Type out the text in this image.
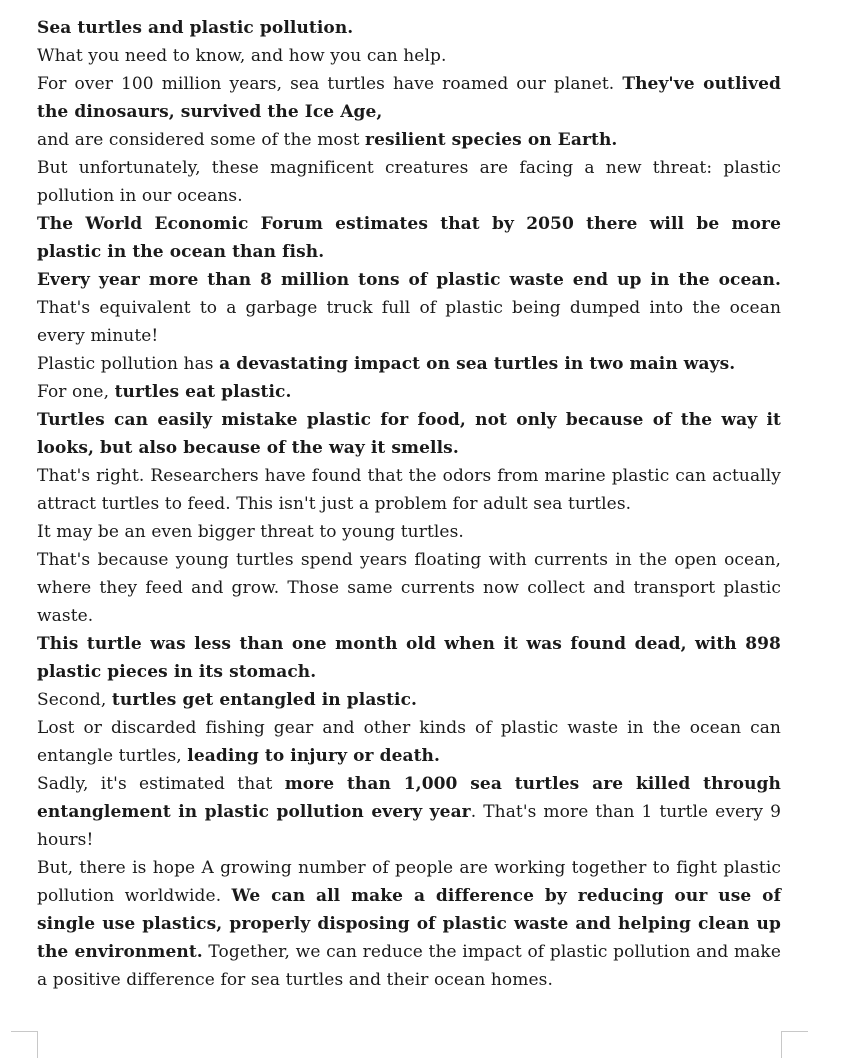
Sea turtles and plastic pollution.

What you need to know, and how you can help.

For over 100 million years, sea turtles have roamed our planet. They've outlived the dinosaurs, survived the Ice Age,

and are considered some of the most resilient species on Earth.

But unfortunately, these magnificent creatures are facing a new threat: plastic pollution in our oceans.

The World Economic Forum estimates that by 2050 there will be more plastic in the ocean than fish.

Every year more than 8 million tons of plastic waste end up in the ocean. That's equivalent to a garbage truck full of plastic being dumped into the ocean every minute!

Plastic pollution has a devastating impact on sea turtles in two main ways.

For one, turtles eat plastic.

Turtles can easily mistake plastic for food, not only because of the way it looks, but also because of the way it smells.

That's right. Researchers have found that the odors from marine plastic can actually attract turtles to feed. This isn't just a problem for adult sea turtles.

It may be an even bigger threat to young turtles.

That's because young turtles spend years floating with currents in the open ocean, where they feed and grow. Those same currents now collect and transport plastic waste.

This turtle was less than one month old when it was found dead, with 898 plastic pieces in its stomach.

Second, turtles get entangled in plastic.

Lost or discarded fishing gear and other kinds of plastic waste in the ocean can entangle turtles, leading to injury or death.

Sadly, it's estimated that more than 1,000 sea turtles are killed through entanglement in plastic pollution every year. That's more than 1 turtle every 9 hours!

But, there is hope A growing number of people are working together to fight plastic pollution worldwide. We can all make a difference by reducing our use of single use plastics, properly disposing of plastic waste and helping clean up the environment. Together, we can reduce the impact of plastic pollution and make a positive difference for sea turtles and their ocean homes.
